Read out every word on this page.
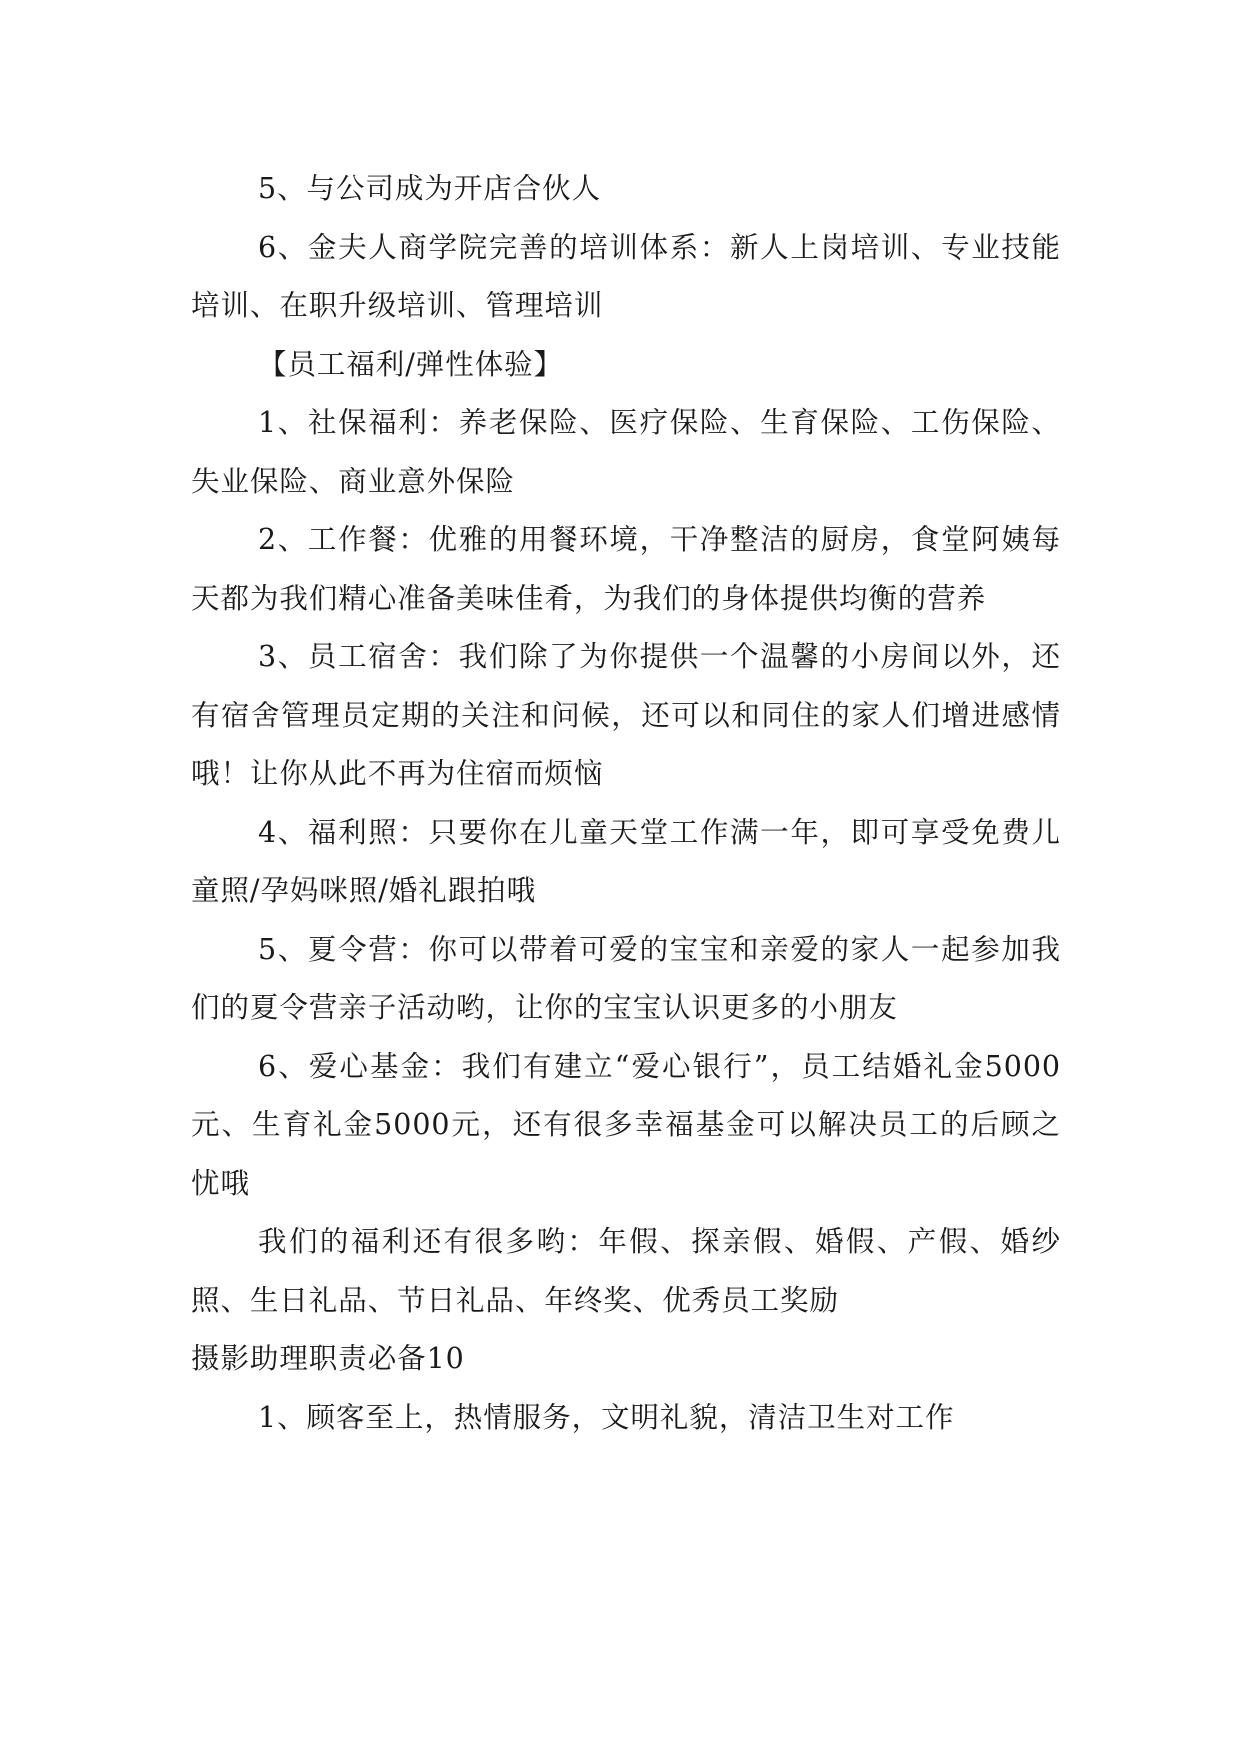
5、与公司成为开店合伙人

6、金夫人商学院完善的培训体系：新人上岗培训、专业技能培训、在职升级培训、管理培训

【员工福利/弹性体验】

1、社保福利：养老保险、医疗保险、生育保险、工伤保险、失业保险、商业意外保险

2、工作餐：优雅的用餐环境，干净整洁的厨房，食堂阿姨每天都为我们精心准备美味佳肴，为我们的身体提供均衡的营养

3、员工宿舍：我们除了为你提供一个温馨的小房间以外，还有宿舍管理员定期的关注和问候，还可以和同住的家人们增进感情哦！让你从此不再为住宿而烦恼

4、福利照：只要你在儿童天堂工作满一年，即可享受免费儿童照/孕妈咪照/婚礼跟拍哦

5、夏令营：你可以带着可爱的宝宝和亲爱的家人一起参加我们的夏令营亲子活动哟，让你的宝宝认识更多的小朋友

6、爱心基金：我们有建立“爱心银行”，员工结婚礼金5000元、生育礼金5000元，还有很多幸福基金可以解决员工的后顾之忧哦

我们的福利还有很多哟：年假、探亲假、婚假、产假、婚纱照、生日礼品、节日礼品、年终奖、优秀员工奖励

摄影助理职责必备10

1、顾客至上，热情服务，文明礼貌，清洁卫生对工作
